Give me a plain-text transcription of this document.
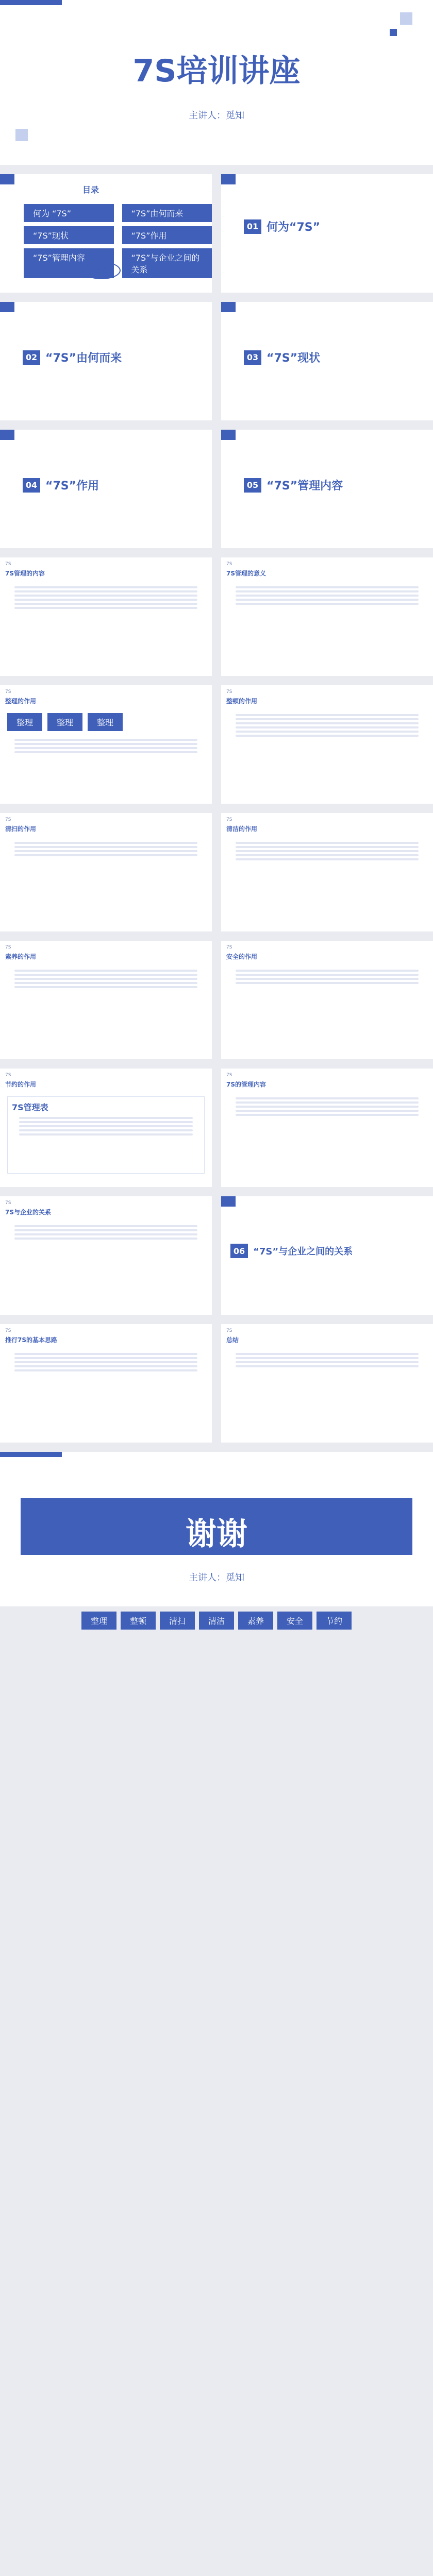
7S培训讲座
主讲人：觅知
目录
何为 “7S”	“7S”由何而来
“7S”现状	“7S”作用
“7S”管理内容	“7S”与企业之间的关系
7S
01 何为“7S”
02 “7S”由何而来	03 “7S”现状
04 “7S”作用	05 “7S”管理内容
7S
7S管理的内容
7S
7S管理的意义
7S
整理的作用
整理	整理	整理
7S
整顿的作用
7S
清扫的作用
7S
清洁的作用
7S
素养的作用
7S
安全的作用
7S
节约的作用
7S管理表
7S
7S的管理内容
7S
7S与企业的关系
06 “7S”与企业之间的关系
7S
推行7S的基本思路
7S
总结
谢谢
主讲人：觅知
整理	整顿	清扫	清洁	素养	安全	节约
